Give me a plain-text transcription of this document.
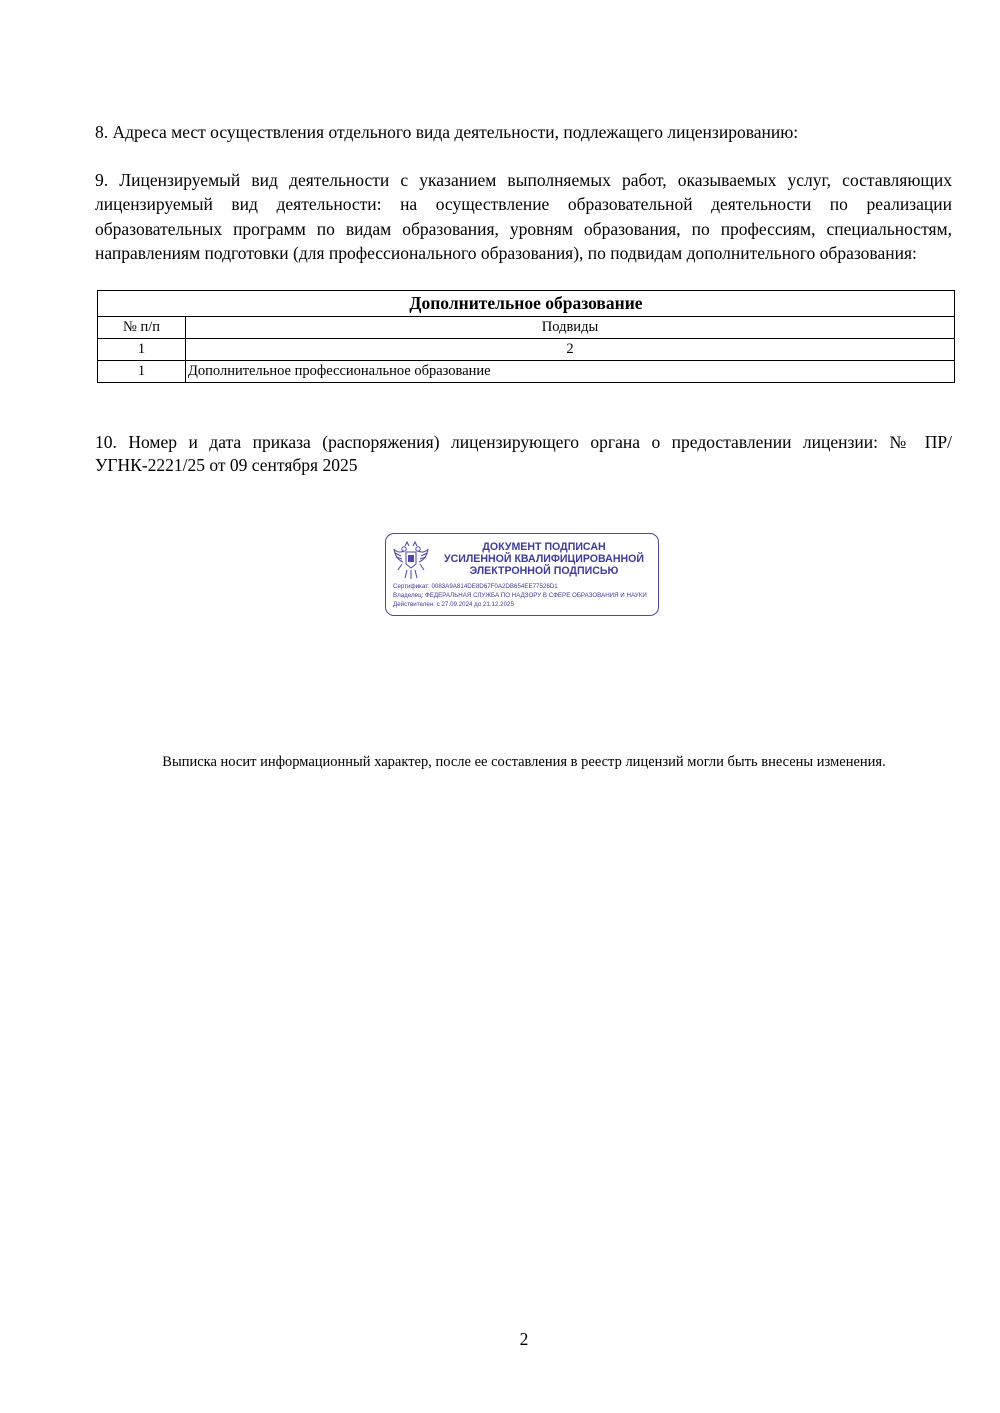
8. Адреса мест осуществления отдельного вида деятельности, подлежащего лицензированию:
9. Лицензируемый вид деятельности с указанием выполняемых работ, оказываемых услуг, составляющих лицензируемый вид деятельности: на осуществление образовательной деятельности по реализации образовательных программ по видам образования, уровням образования, по профессиям, специальностям, направлениям подготовки (для профессионального образования), по подвидам дополнительного образования:
Дополнительное образование	
№ п/п	Подвиды
1	2
1	Дополнительное профессиональное образование
10. Номер и дата приказа (распоряжения) лицензирующего органа о предоставлении лицензии: № ПР/УГНК-2221/25 от 09 сентября 2025
ДОКУМЕНТ ПОДПИСАН
УСИЛЕННОЙ КВАЛИФИЦИРОВАННОЙ
ЭЛЕКТРОННОЙ ПОДПИСЬЮ
Сертификат: 0083A9A814DE8D67F0A2DB654EE77526D1
Владелец: ФЕДЕРАЛЬНАЯ СЛУЖБА ПО НАДЗОРУ В СФЕРЕ ОБРАЗОВАНИЯ И НАУКИ
Действителен: с 27.09.2024 до 21.12.2025
Выписка носит информационный характер, после ее составления в реестр лицензий могли быть внесены изменения.
2
